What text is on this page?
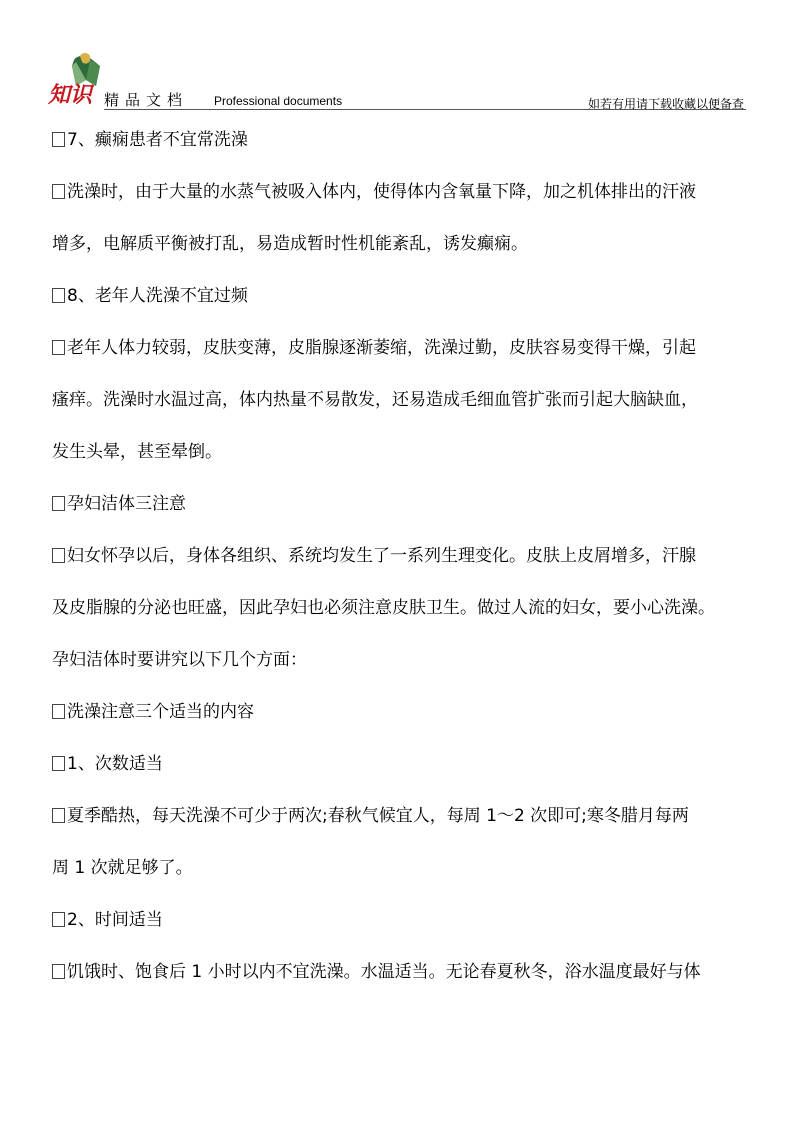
知识 精品文档 Professional documents	如若有用请下载收藏以便备查

7、癫痫患者不宜常洗澡

洗澡时，由于大量的水蒸气被吸入体内，使得体内含氧量下降，加之机体排出的汗液

增多，电解质平衡被打乱，易造成暂时性机能紊乱，诱发癫痫。

8、老年人洗澡不宜过频

老年人体力较弱，皮肤变薄，皮脂腺逐渐萎缩，洗澡过勤，皮肤容易变得干燥，引起

瘙痒。洗澡时水温过高，体内热量不易散发，还易造成毛细血管扩张而引起大脑缺血，

发生头晕，甚至晕倒。

孕妇洁体三注意

妇女怀孕以后，身体各组织、系统均发生了一系列生理变化。皮肤上皮屑增多，汗腺

及皮脂腺的分泌也旺盛，因此孕妇也必须注意皮肤卫生。做过人流的妇女，要小心洗澡。

孕妇洁体时要讲究以下几个方面：

洗澡注意三个适当的内容

1、次数适当

夏季酷热，每天洗澡不可少于两次;春秋气候宜人，每周 1～2 次即可;寒冬腊月每两

周 1 次就足够了。

2、时间适当

饥饿时、饱食后 1 小时以内不宜洗澡。水温适当。无论春夏秋冬，浴水温度最好与体
